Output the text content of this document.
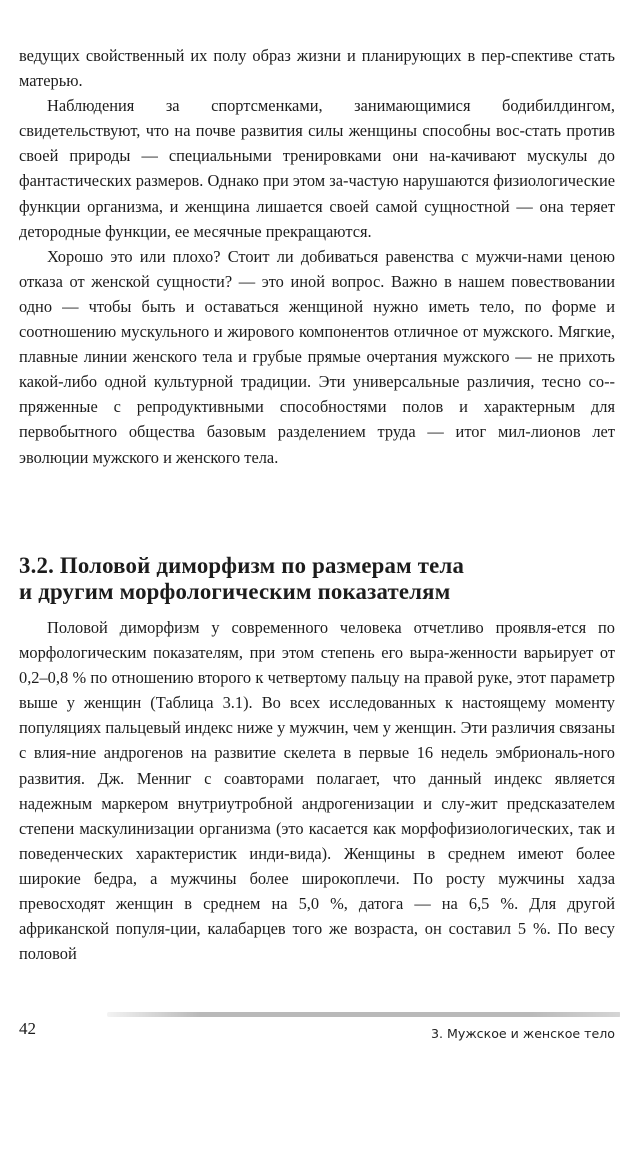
ведущих свойственный их полу образ жизни и планирующих в пер-спективе стать матерью.

Наблюдения за спортсменками, занимающимися бодибилдингом, свидетельствуют, что на почве развития силы женщины способны вос-стать против своей природы — специальными тренировками они на-качивают мускулы до фантастических размеров. Однако при этом за-частую нарушаются физиологические функции организма, и женщина лишается своей самой сущностной — она теряет детородные функции, ее месячные прекращаются.

Хорошо это или плохо? Стоит ли добиваться равенства с мужчи-нами ценою отказа от женской сущности? — это иной вопрос. Важно в нашем повествовании одно — чтобы быть и оставаться женщиной нужно иметь тело, по форме и соотношению мускульного и жирового компонентов отличное от мужского. Мягкие, плавные линии женского тела и грубые прямые очертания мужского — не прихоть какой-либо одной культурной традиции. Эти универсальные различия, тесно со-пряженные с репродуктивными способностями полов и характерным для первобытного общества базовым разделением труда — итог мил-лионов лет эволюции мужского и женского тела.

3.2. Половой диморфизм по размерам тела

и другим морфологическим показателям

Половой диморфизм у современного человека отчетливо проявля-ется по морфологическим показателям, при этом степень его выра-женности варьирует от 0,2–0,8 % по отношению второго к четвертому пальцу на правой руке, этот параметр выше у женщин (Таблица 3.1). Во всех исследованных к настоящему моменту популяциях пальцевый индекс ниже у мужчин, чем у женщин. Эти различия связаны с влия-ние андрогенов на развитие скелета в первые 16 недель эмбриональ-ного развития. Дж. Менниг с соавторами полагает, что данный индекс является надежным маркером внутриутробной андрогенизации и слу-жит предсказателем степени маскулинизации организма (это касается как морфофизиологических, так и поведенческих характеристик инди-вида). Женщины в среднем имеют более широкие бедра, а мужчины более широкоплечи. По росту мужчины хадза превосходят женщин в среднем на 5,0 %, датога — на 6,5 %. Для другой африканской популя-ции, калабарцев того же возраста, он составил 5 %. По весу половой

42	3. Мужское и женское тело
